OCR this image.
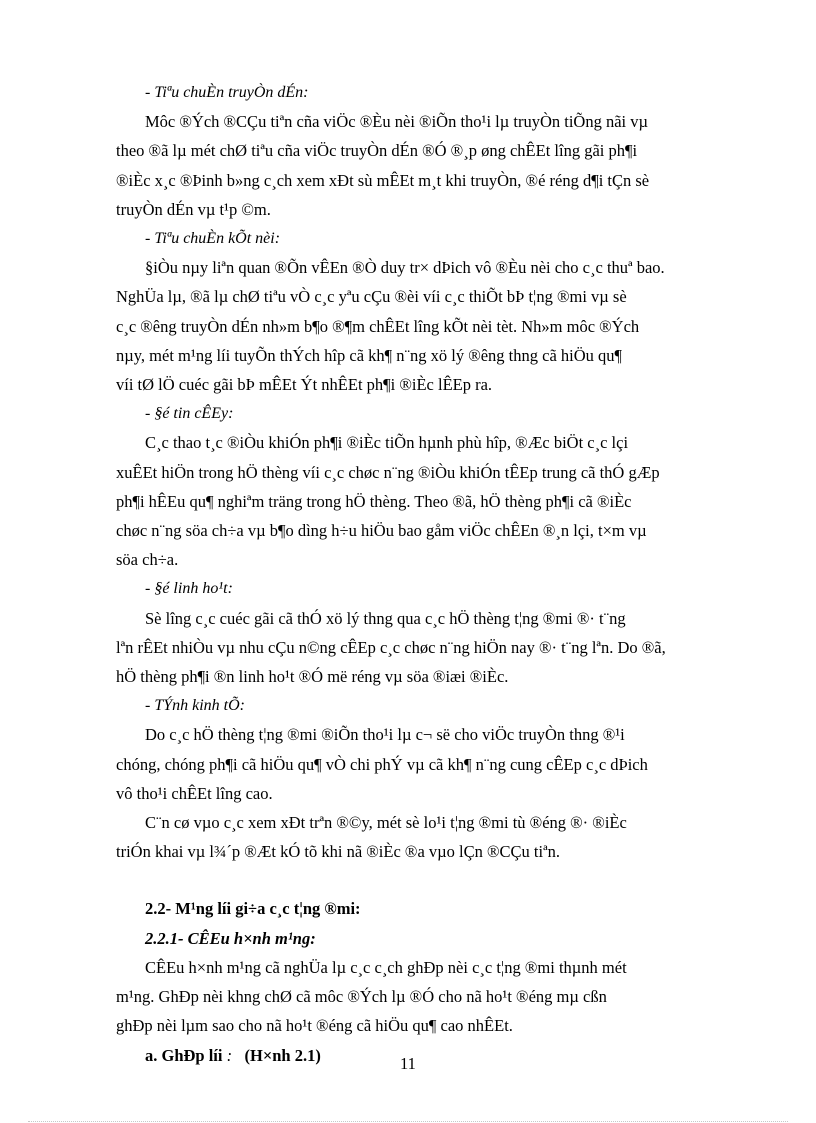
- Tiªu chuÈn truyÒn dÉn:

Môc ®Ých ®CÇu tiªn cña viÖc ®Èu nèi ®iÕn tho¹i lµ truyÒn tiÕng nãi vµ

theo ®ã lµ mét chØ tiªu cña viÖc truyÒn dÉn ®Ó ®¸p øng chÊEt lîng gãi ph¶i

®iÈc x¸c ®Þinh b»ng c¸ch xem xÐt sù mÊEt m¸t khi truyÒn, ®é réng d¶i tÇn sè

truyÒn dÉn vµ t¹p ©m.

- Tiªu chuÈn kÕt nèi:

§iÒu nµy liªn quan ®Õn vÊEn ®Ò duy tr× dÞich vô ®Èu nèi cho c¸c thuª bao.

NghÜa lµ, ®ã lµ chØ tiªu vÒ c¸c yªu cÇu ®èi víi c¸c thiÕt bÞ t¦ng ®mi vµ sè

c¸c ®êng truyÒn dÉn nh»m b¶o ®¶m chÊEt lîng kÕt nèi tèt. Nh»m môc ®Ých

nµy, mét m¹ng líi tuyÕn thÝch hîp cã kh¶ n¨ng xö lý ®êng thng cã hiÖu qu¶

víi tØ lÖ cuéc gãi bÞ mÊEt Ýt nhÊEt ph¶i ®iÈc lÊEp ra.

- §é tin cÊEy:

C¸c thao t¸c ®iÒu khiÓn ph¶i ®iÈc tiÕn hµnh phù hîp, ®Æc biÖt c¸c lçi

xuÊEt hiÖn trong hÖ thèng víi c¸c chøc n¨ng ®iÒu khiÓn tÊEp trung cã thÓ gÆp

ph¶i hÊEu qu¶ nghiªm träng trong hÖ thèng. Theo ®ã, hÖ thèng ph¶i cã ®iÈc

chøc n¨ng söa ch÷a vµ b¶o dìng h÷u hiÖu bao gåm viÖc chÊEn ®¸n lçi, t×m vµ

söa ch÷a.

- §é linh ho¹t:

Sè lîng c¸c cuéc gãi cã thÓ xö lý thng qua c¸c hÖ thèng t¦ng ®mi ®· t¨ng

lªn rÊEt nhiÒu vµ nhu cÇu n©ng cÊEp c¸c chøc n¨ng hiÖn nay ®· t¨ng lªn. Do ®ã,

hÖ thèng ph¶i ®n linh ho¹t ®Ó më réng vµ söa ®iæi ®iÈc.

- TÝnh kinh tÕ:

Do c¸c hÖ thèng t¦ng ®mi ®iÕn tho¹i lµ c¬ së cho viÖc truyÒn thng ®¹i

chóng, chóng ph¶i cã hiÖu qu¶ vÒ chi phÝ vµ cã kh¶ n¨ng cung cÊEp c¸c dÞich

vô tho¹i chÊEt lîng cao.

C¨n cø vµo c¸c xem xÐt trªn ®©y, mét sè lo¹i t¦ng ®mi tù ®éng ®· ®iÈc

triÓn khai vµ l¾´p ®Æt kÓ tõ khi nã ®iÈc ®a vµo lÇn ®CÇu tiªn.

2.2- M¹ng líi gi÷a c¸c t¦ng ®mi:

2.2.1- CÊEu h×nh m¹ng:

CÊEu h×nh m¹ng cã nghÜa lµ c¸c c¸ch ghÐp nèi c¸c t¦ng ®mi thµnh mét

m¹ng. GhÐp nèi khng chØ cã môc ®Ých lµ ®Ó cho nã ho¹t ®éng mµ cßn

ghÐp nèi lµm sao cho nã ho¹t ®éng cã hiÖu qu¶ cao nhÊEt.

a. GhÐp líi : (H×nh 2.1)	11
